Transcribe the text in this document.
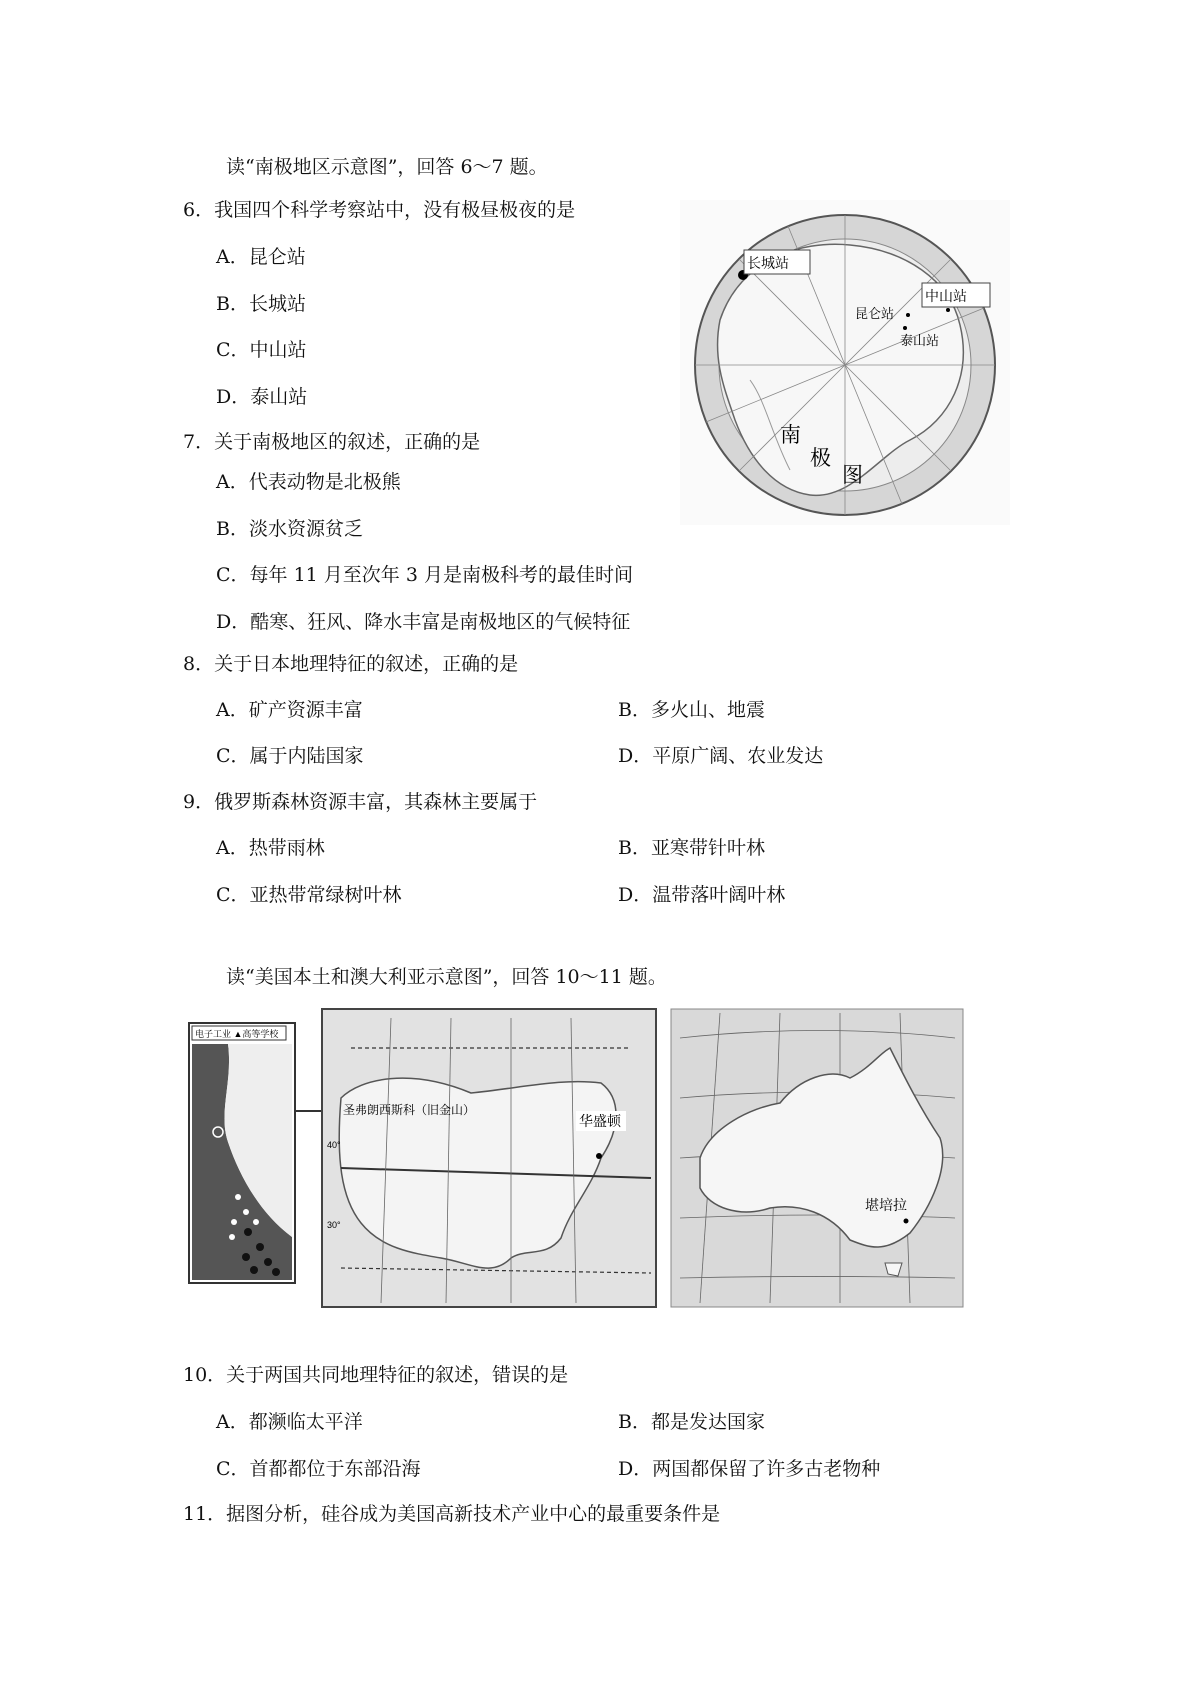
读“南极地区示意图”，回答 6～7 题。
6．我国四个科学考察站中，没有极昼极夜的是
A．昆仑站
B．长城站
C．中山站
D．泰山站
长城站
中山站
昆仑站
泰山站
南
极
图
7．关于南极地区的叙述，正确的是
A．代表动物是北极熊
B．淡水资源贫乏
C．每年 11 月至次年 3 月是南极科考的最佳时间
D．酷寒、狂风、降水丰富是南极地区的气候特征
8．关于日本地理特征的叙述，正确的是
A．矿产资源丰富	B．多火山、地震
C．属于内陆国家	D．平原广阔、农业发达
9．俄罗斯森林资源丰富，其森林主要属于
A．热带雨林	B．亚寒带针叶林
C．亚热带常绿树叶林	D．温带落叶阔叶林
读“美国本土和澳大利亚示意图”，回答 10～11 题。
电子工业 ▲高等学校
40°
30°
圣弗朗西斯科（旧金山）
华盛顿
堪培拉
10．关于两国共同地理特征的叙述，错误的是
A．都濒临太平洋	B．都是发达国家
C．首都都位于东部沿海	D．两国都保留了许多古老物种
11．据图分析，硅谷成为美国高新技术产业中心的最重要条件是
